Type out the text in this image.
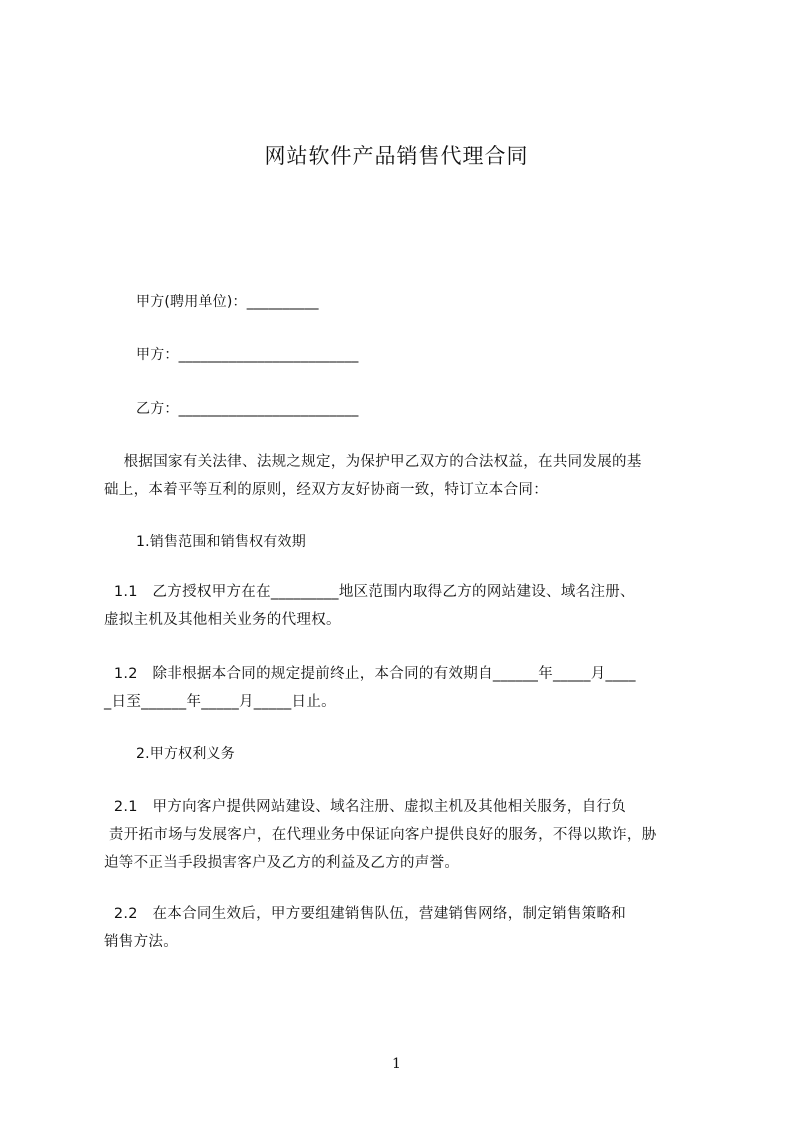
网站软件产品销售代理合同
甲方(聘用单位)：__________
甲方：_________________________
乙方：_________________________
根据国家有关法律、法规之规定，为保护甲乙双方的合法权益，在共同发展的基
础上，本着平等互利的原则，经双方友好协商一致，特订立本合同：
1.销售范围和销售权有效期
1.1   乙方授权甲方在在_________地区范围内取得乙方的网站建设、域名注册、
虚拟主机及其他相关业务的代理权。
1.2   除非根据本合同的规定提前终止，本合同的有效期自______年_____月____
_日至______年_____月_____日止。
2.甲方权利义务
2.1   甲方向客户提供网站建设、域名注册、虚拟主机及其他相关服务，自行负
责开拓市场与发展客户，在代理业务中保证向客户提供良好的服务，不得以欺诈，胁
迫等不正当手段损害客户及乙方的利益及乙方的声誉。
2.2   在本合同生效后，甲方要组建销售队伍，营建销售网络，制定销售策略和
销售方法。
1
